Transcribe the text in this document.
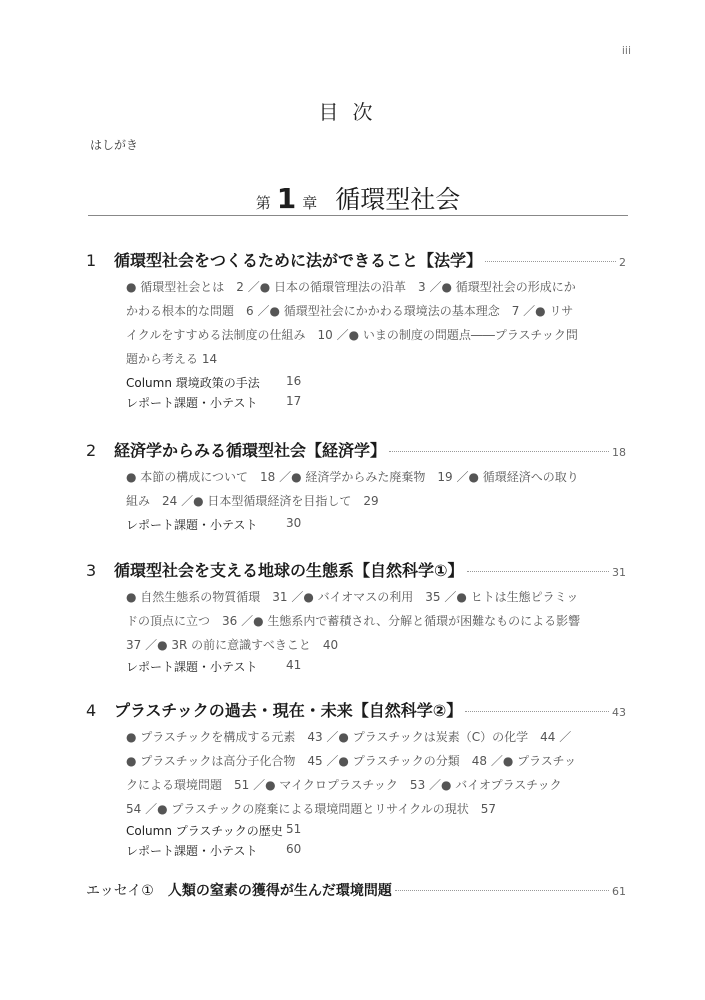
iii
目次
はしがき
第 1 章 循環型社会
1	循環型社会をつくるために法ができること【法学】	2
● 循環型社会とは　2 ／● 日本の循環管理法の沿革　3 ／● 循環型社会の形成にか
かわる根本的な問題　6 ／● 循環型社会にかかわる環境法の基本理念　7 ／● リサ
イクルをすすめる法制度の仕組み　10 ／● いまの制度の問題点――プラスチック問
題から考える 14
Column 環境政策の手法	16
レポート課題・小テスト	17
2	経済学からみる循環型社会【経済学】	18
● 本節の構成について　18 ／● 経済学からみた廃棄物　19 ／● 循環経済への取り
組み　24 ／● 日本型循環経済を目指して　29
レポート課題・小テスト	30
3	循環型社会を支える地球の生態系【自然科学①】	31
● 自然生態系の物質循環　31 ／● バイオマスの利用　35 ／● ヒトは生態ピラミッ
ドの頂点に立つ　36 ／● 生態系内で蓄積され、分解と循環が困難なものによる影響
37 ／● 3R の前に意識すべきこと　40
レポート課題・小テスト	41
4	プラスチックの過去・現在・未来【自然科学②】	43
● プラスチックを構成する元素　43 ／● プラスチックは炭素（C）の化学　44 ／
● プラスチックは高分子化合物　45 ／● プラスチックの分類　48 ／● プラスチッ
クによる環境問題　51 ／● マイクロプラスチック　53 ／● バイオプラスチック
54 ／● プラスチックの廃棄による環境問題とリサイクルの現状　57
Column プラスチックの歴史 51
レポート課題・小テスト	60
エッセイ① 人類の窒素の獲得が生んだ環境問題	61
